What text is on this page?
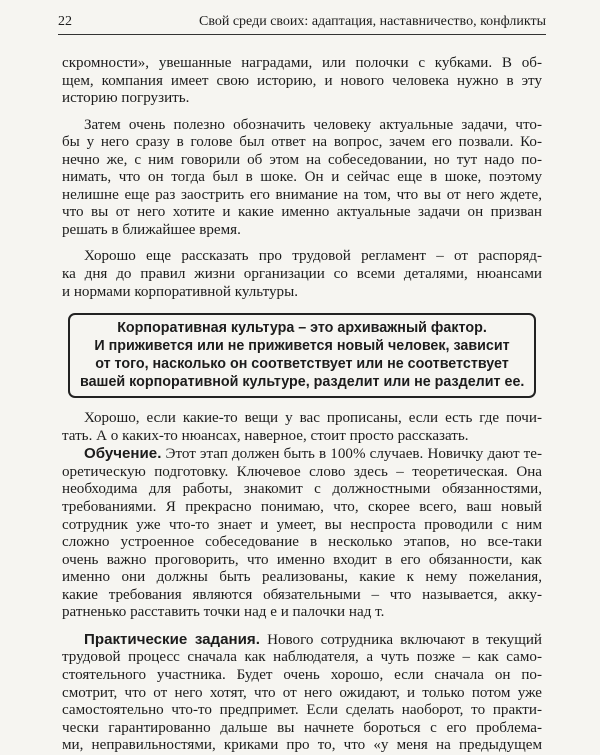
22	Свой среди своих: адаптация, наставничество, конфликты

скромности», увешанные наградами, или полочки с кубками. В об-

щем, компания имеет свою историю, и нового человека нужно в эту

историю погрузить.

Затем очень полезно обозначить человеку актуальные задачи, что-

бы у него сразу в голове был ответ на вопрос, зачем его позвали. Ко-

нечно же, с ним говорили об этом на собеседовании, но тут надо по-

нимать, что он тогда был в шоке. Он и сейчас еще в шоке, поэтому

нелишне еще раз заострить его внимание на том, что вы от него ждете,

что вы от него хотите и какие именно актуальные задачи он призван

решать в ближайшее время.

Хорошо еще рассказать про трудовой регламент – от распоряд-

ка дня до правил жизни организации со всеми деталями, нюансами

и нормами корпоративной культуры.

Корпоративная культура – это архиважный фактор.
И приживется или не приживется новый человек, зависит
от того, насколько он соответствует или не соответствует
вашей корпоративной культуре, разделит или не разделит ее.

Хорошо, если какие-то вещи у вас прописаны, если есть где почи-

тать. А о каких-то нюансах, наверное, стоит просто рассказать.

Обучение. Этот этап должен быть в 100% случаев. Новичку дают те-

оретическую подготовку. Ключевое слово здесь – теоретическая. Она

необходима для работы, знакомит с должностными обязанностями,

требованиями. Я прекрасно понимаю, что, скорее всего, ваш новый

сотрудник уже что-то знает и умеет, вы неспроста проводили с ним

сложно устроенное собеседование в несколько этапов, но все-таки

очень важно проговорить, что именно входит в его обязанности, как

именно они должны быть реализованы, какие к нему пожелания,

какие требования являются обязательными – что называется, акку-

ратненько расставить точки над е и палочки над т.

Практические задания. Нового сотрудника включают в текущий

трудовой процесс сначала как наблюдателя, а чуть позже – как само-

стоятельного участника. Будет очень хорошо, если сначала он по-

смотрит, что от него хотят, что от него ожидают, и только потом уже

самостоятельно что-то предпримет. Если сделать наоборот, то практи-

чески гарантированно дальше вы начнете бороться с его проблема-

ми, неправильностями, криками про то, что «у меня на предыдущем
